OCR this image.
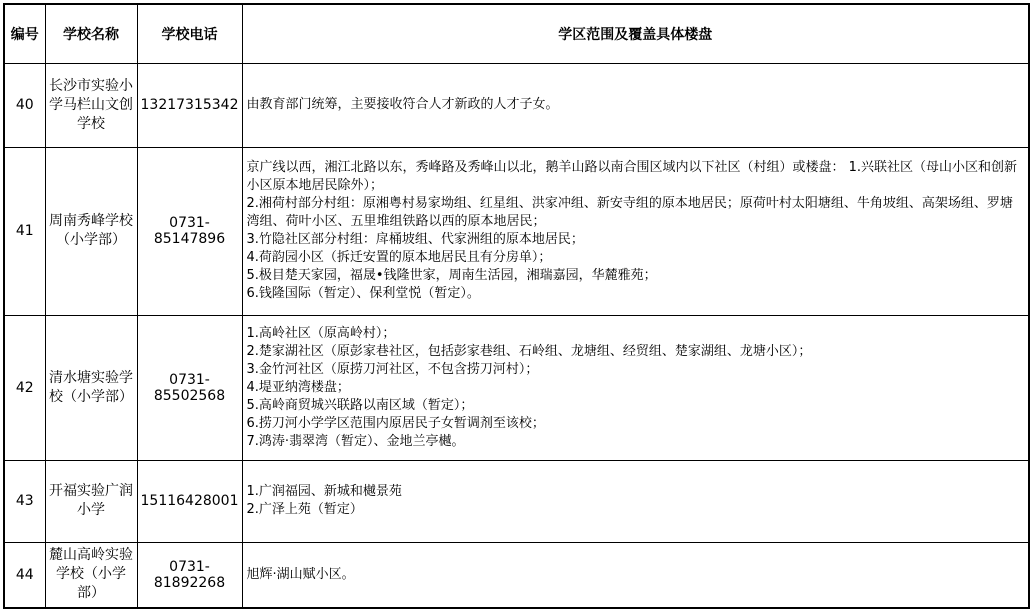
编号	学校名称	学校电话	学区范围及覆盖具体楼盘
40	长沙市实验小学马栏山文创学校	13217315342	由教育部门统筹，主要接收符合人才新政的人才子女。

41	周南秀峰学校（小学部）	0731-85147896	
京广线以西，湘江北路以东，秀峰路及秀峰山以北，鹅羊山路以南合围区域内以下社区（村组）或楼盘： 1.兴联社区（母山小区和创新小区原本地居民除外）；
2.湘荷村部分村组：原湘粤村易家坳组、红星组、洪家冲组、新安寺组的原本地居民；原荷叶村太阳塘组、牛角坡组、高架场组、罗塘湾组、荷叶小区、五里堆组铁路以西的原本地居民；
3.竹隐社区部分村组：戽桶坡组、代家洲组的原本地居民；
4.荷韵园小区（拆迁安置的原本地居民且有分房单）；
5.极目楚天家园，福晟•钱隆世家，周南生活园，湘瑞嘉园，华麓雅苑；
6.钱隆国际（暂定）、保利堂悦（暂定）。

42	清水塘实验学校（小学部）	0731-85502568	
1.高岭社区（原高岭村）；
2.楚家湖社区（原彭家巷社区，包括彭家巷组、石岭组、龙塘组、经贸组、楚家湖组、龙塘小区）；
3.金竹河社区（原捞刀河社区，不包含捞刀河村）；
4.堤亚纳湾楼盘；
5.高岭商贸城兴联路以南区域（暂定）；
6.捞刀河小学学区范围内原居民子女暂调剂至该校；
7.鸿涛·翡翠湾（暂定）、金地兰亭樾。

43	开福实验广润小学	15116428001	1.广润福园、新城和樾景苑
2.广泽上苑（暂定）

44	麓山高岭实验学校（小学部）	0731-81892268	旭辉·湖山赋小区。
